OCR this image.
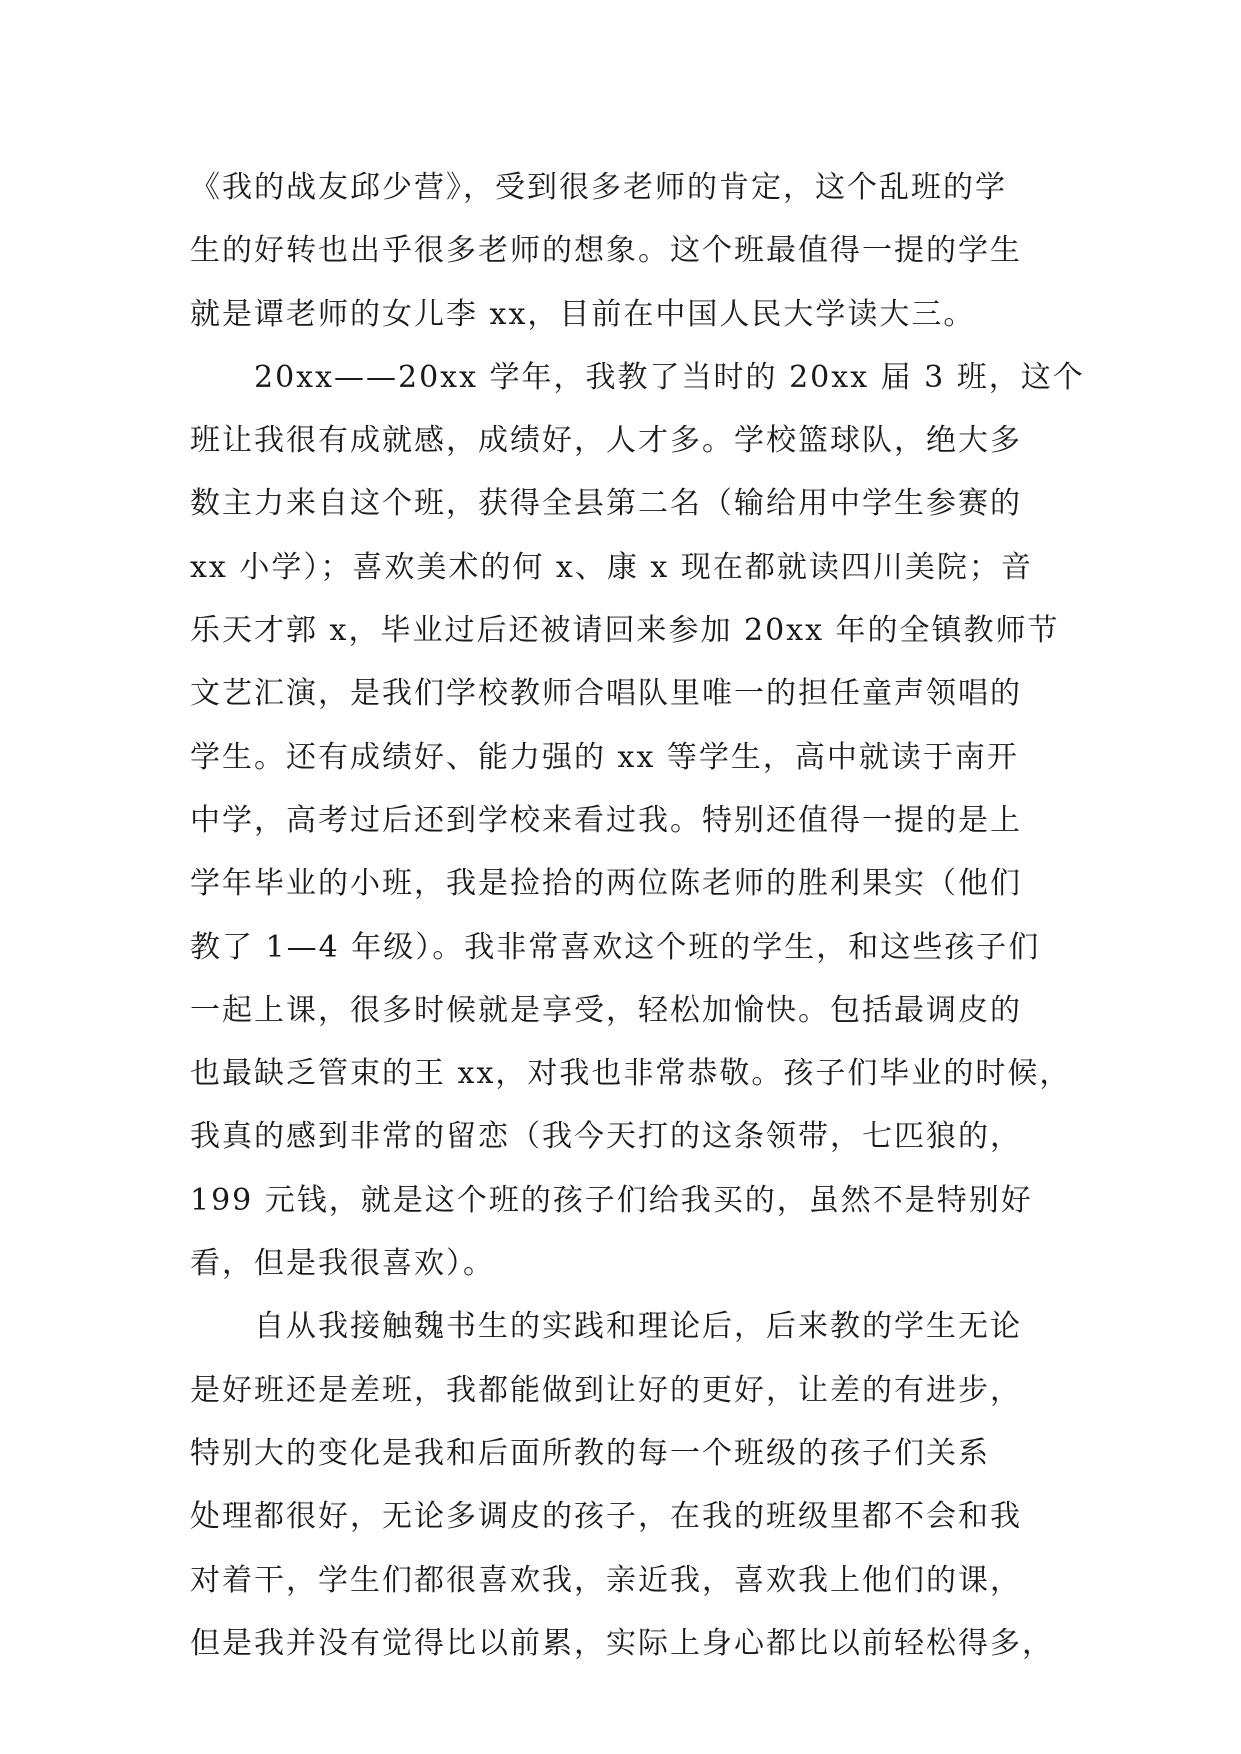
《我的战友邱少营》，受到很多老师的肯定，这个乱班的学
生的好转也出乎很多老师的想象。这个班最值得一提的学生
就是谭老师的女儿李 xx，目前在中国人民大学读大三。
20xx——20xx 学年，我教了当时的 20xx 届 3 班，这个
班让我很有成就感，成绩好，人才多。学校篮球队，绝大多
数主力来自这个班，获得全县第二名（输给用中学生参赛的
xx 小学）；喜欢美术的何 x、康 x 现在都就读四川美院；音
乐天才郭 x，毕业过后还被请回来参加 20xx 年的全镇教师节
文艺汇演，是我们学校教师合唱队里唯一的担任童声领唱的
学生。还有成绩好、能力强的 xx 等学生，高中就读于南开
中学，高考过后还到学校来看过我。特别还值得一提的是上
学年毕业的小班，我是捡拾的两位陈老师的胜利果实（他们
教了 1—4 年级）。我非常喜欢这个班的学生，和这些孩子们
一起上课，很多时候就是享受，轻松加愉快。包括最调皮的
也最缺乏管束的王 xx，对我也非常恭敬。孩子们毕业的时候，
我真的感到非常的留恋（我今天打的这条领带，七匹狼的，
199 元钱，就是这个班的孩子们给我买的，虽然不是特别好
看，但是我很喜欢）。
自从我接触魏书生的实践和理论后，后来教的学生无论
是好班还是差班，我都能做到让好的更好，让差的有进步，
特别大的变化是我和后面所教的每一个班级的孩子们关系
处理都很好，无论多调皮的孩子，在我的班级里都不会和我
对着干，学生们都很喜欢我，亲近我，喜欢我上他们的课，
但是我并没有觉得比以前累，实际上身心都比以前轻松得多，
